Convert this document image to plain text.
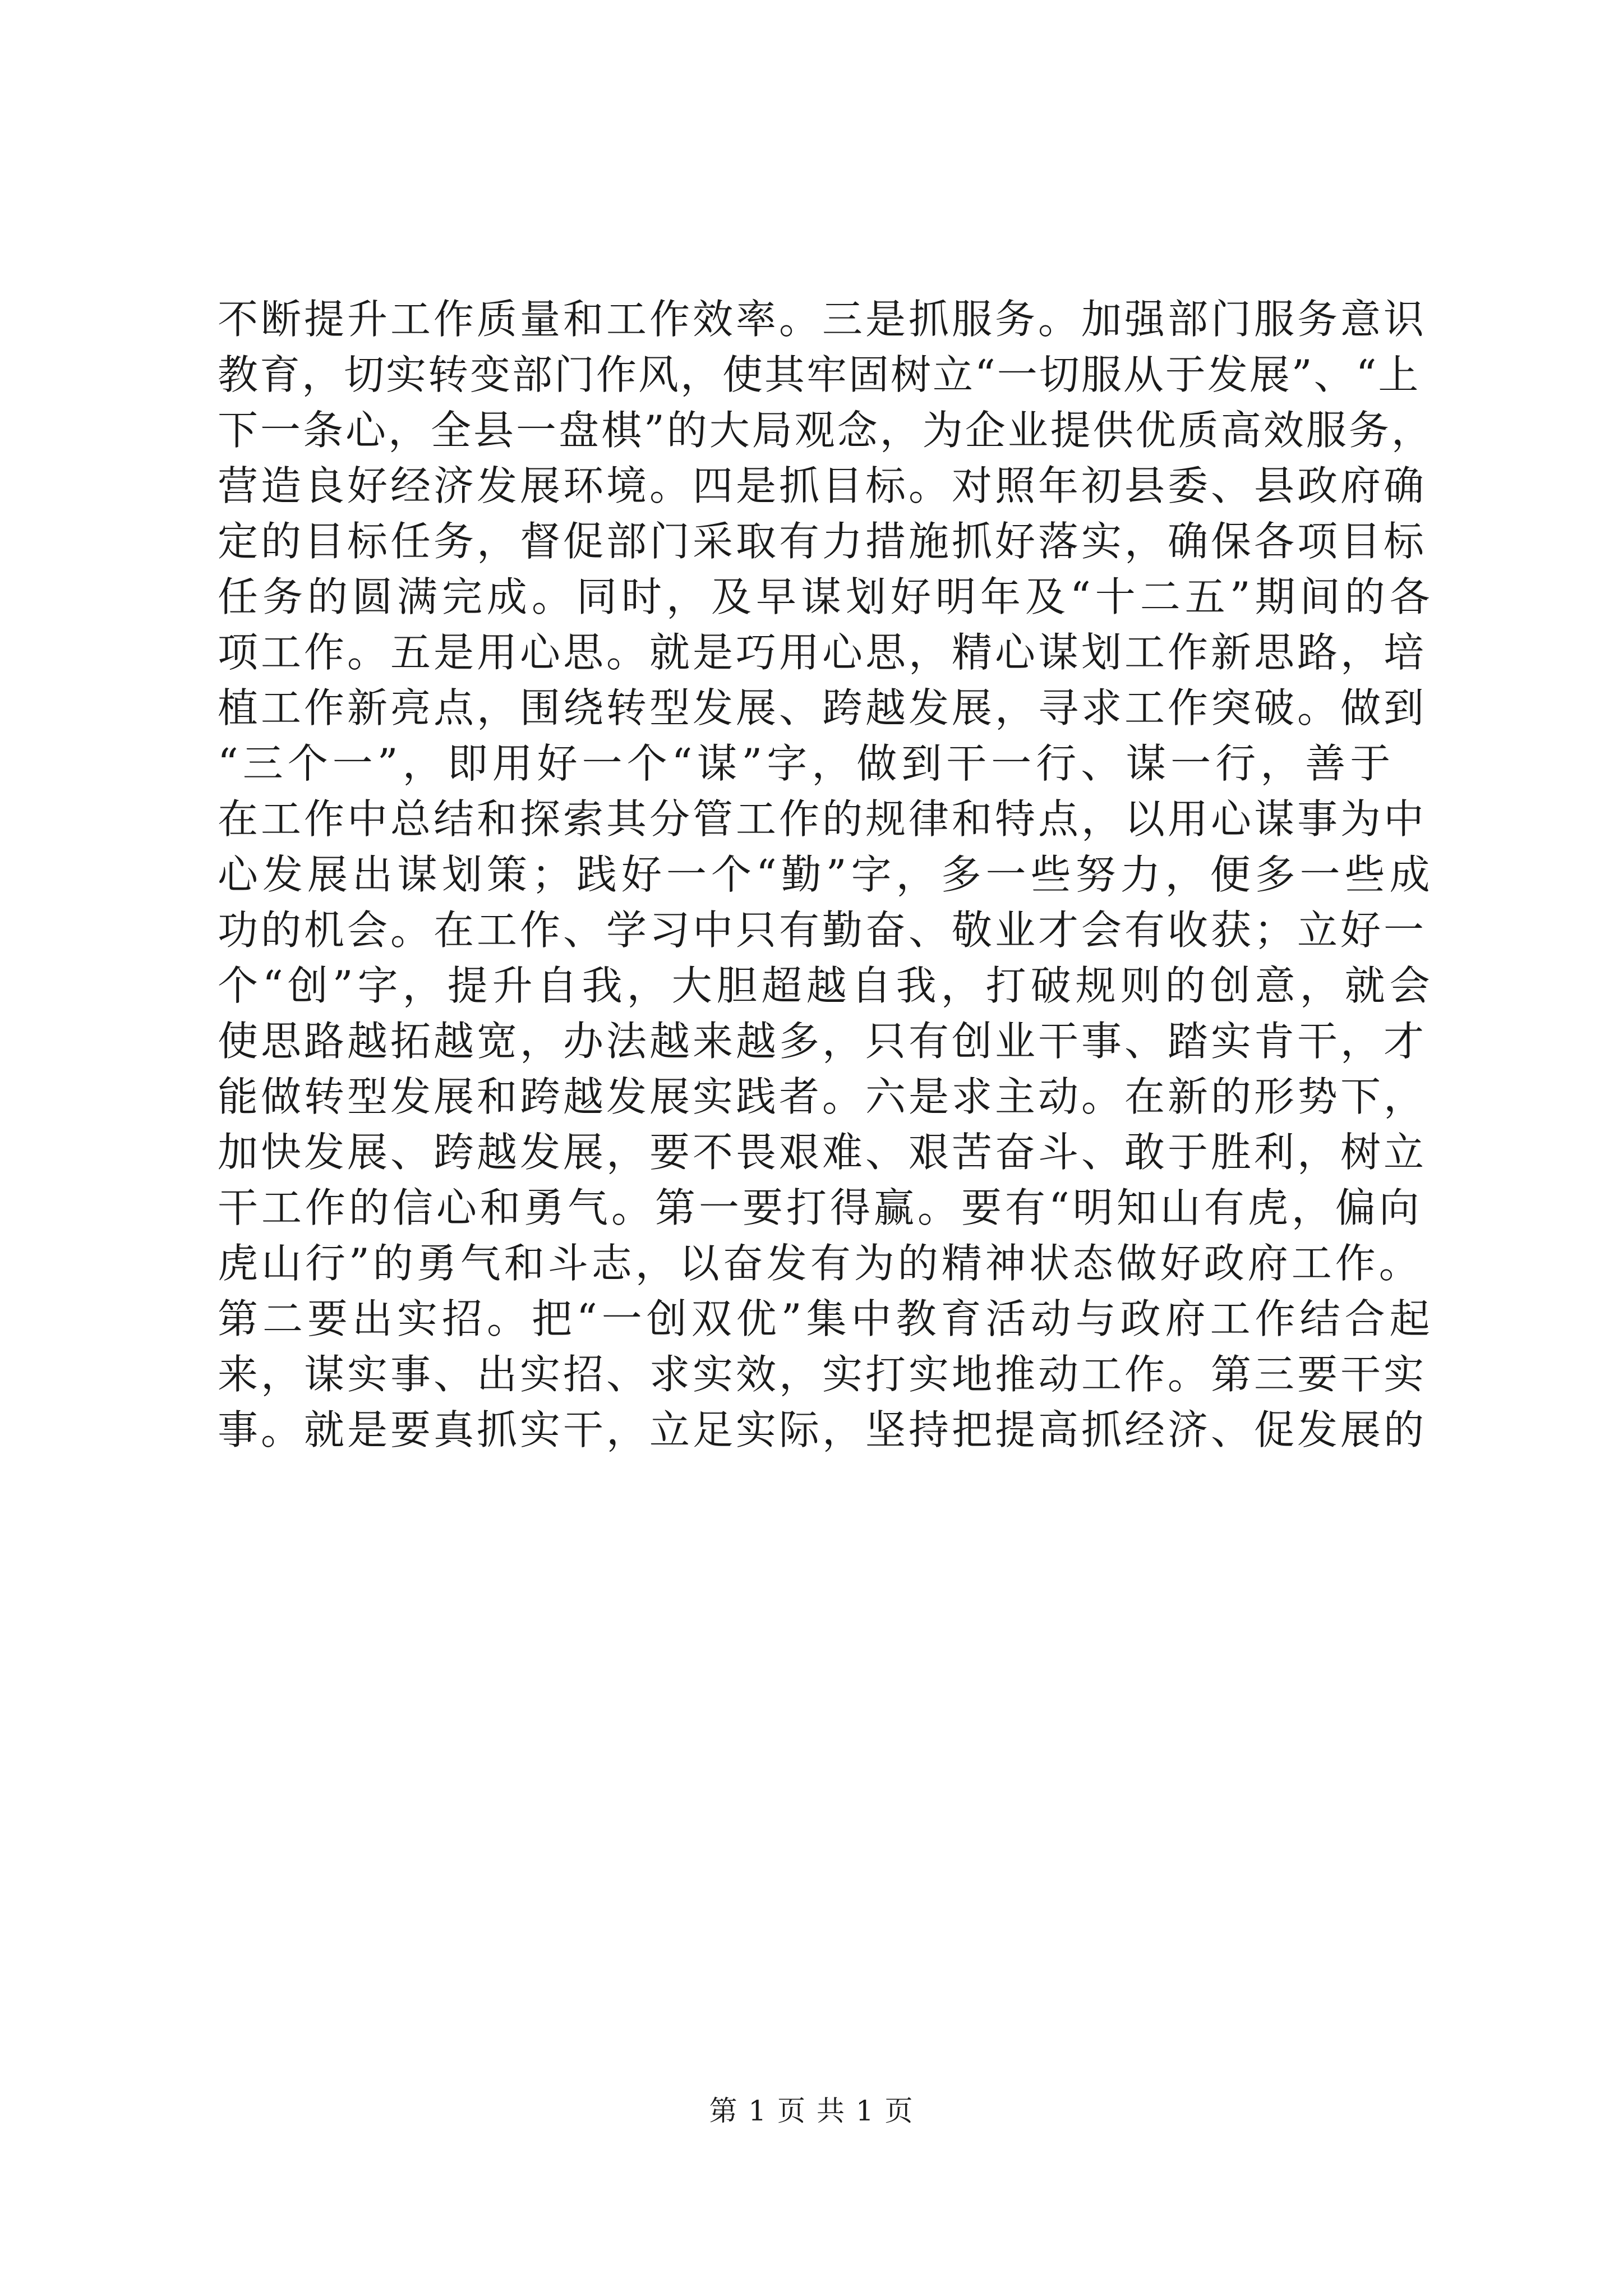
不断提升工作质量和工作效率。三是抓服务。加强部门服务意识
教育，切实转变部门作风，使其牢固树立“一切服从于发展”、“上
下一条心，全县一盘棋”的大局观念，为企业提供优质高效服务，
营造良好经济发展环境。四是抓目标。对照年初县委、县政府确
定的目标任务，督促部门采取有力措施抓好落实，确保各项目标
任务的圆满完成。同时，及早谋划好明年及“十二五”期间的各
项工作。五是用心思。就是巧用心思，精心谋划工作新思路，培
植工作新亮点，围绕转型发展、跨越发展，寻求工作突破。做到
“三个一”，即用好一个“谋”字，做到干一行、谋一行，善于
在工作中总结和探索其分管工作的规律和特点，以用心谋事为中
心发展出谋划策；践好一个“勤”字，多一些努力，便多一些成
功的机会。在工作、学习中只有勤奋、敬业才会有收获；立好一
个“创”字，提升自我，大胆超越自我，打破规则的创意，就会
使思路越拓越宽，办法越来越多，只有创业干事、踏实肯干，才
能做转型发展和跨越发展实践者。六是求主动。在新的形势下，
加快发展、跨越发展，要不畏艰难、艰苦奋斗、敢于胜利，树立
干工作的信心和勇气。第一要打得赢。要有“明知山有虎，偏向
虎山行”的勇气和斗志，以奋发有为的精神状态做好政府工作。
第二要出实招。把“一创双优”集中教育活动与政府工作结合起
来，谋实事、出实招、求实效，实打实地推动工作。第三要干实
事。就是要真抓实干，立足实际，坚持把提高抓经济、促发展的
第 1 页 共 1 页
